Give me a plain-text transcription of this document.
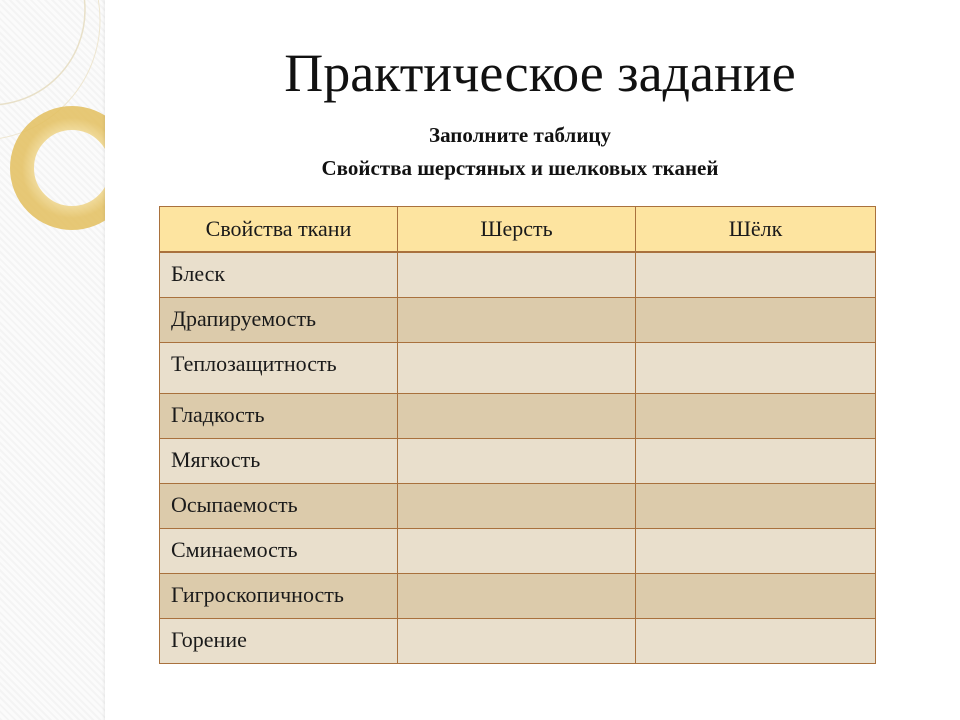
Практическое задание
Заполните таблицу
Свойства шерстяных и шелковых тканей
Свойства ткани	Шерсть	Шёлк
Блеск		
Драпируемость		
Теплозащитность		
Гладкость		
Мягкость		
Осыпаемость		
Сминаемость		
Гигроскопичность		
Горение		
